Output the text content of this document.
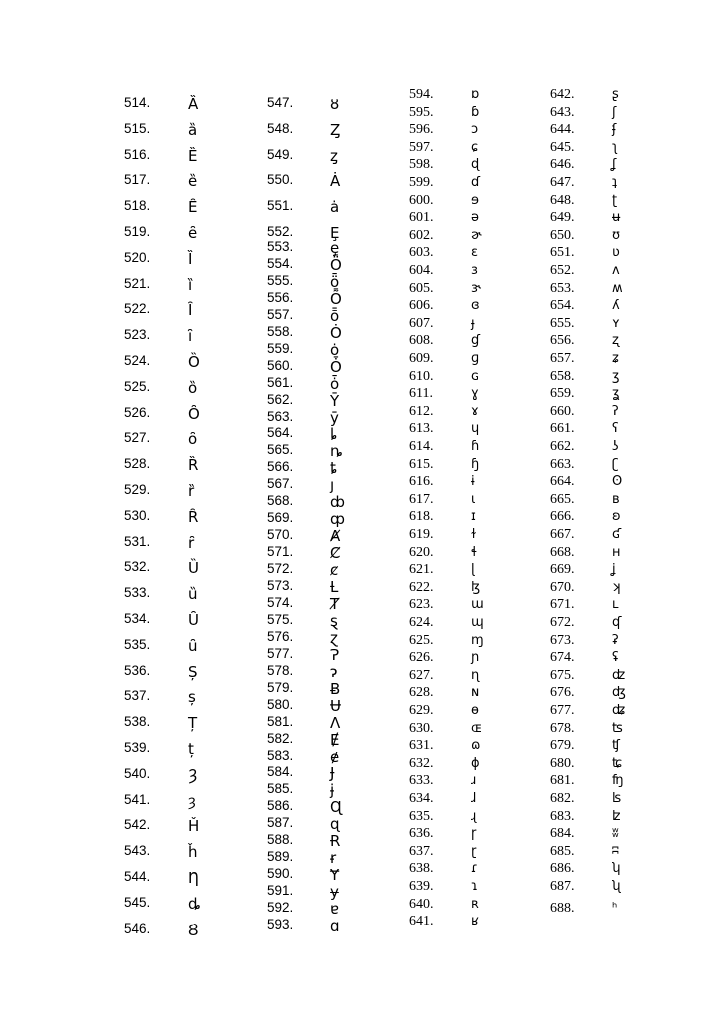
514.	Ȁ
515.	ȁ
516.	Ȅ
517.	ȅ
518.	Ȇ
519.	ȇ
520.	Ȉ
521.	ȉ
522.	Ȋ
523.	ȋ
524.	Ȍ
525.	ȍ
526.	Ȏ
527.	ȏ
528.	Ȑ
529.	ȑ
530.	Ȓ
531.	ȓ
532.	Ȕ
533.	ȕ
534.	Ȗ
535.	ȗ
536.	Ș
537.	ș
538.	Ț
539.	ț
540.	Ȝ
541.	ȝ
542.	Ȟ
543.	ȟ
544.	Ƞ
545.	ȡ
546.	Ȣ
547. ȣ
548. Ȥ
549. ȥ
550. Ȧ
551. ȧ
552. Ȩ
553. ȩ
554. Ȫ
555. ȫ
556. Ȭ
557. ȭ
558. Ȯ
559. ȯ
560. Ȱ
561. ȱ
562. Ȳ
563. ȳ
564. ȴ
565. ȵ
566. ȶ
567. ȷ
568. ȸ
569. ȹ
570. Ⱥ
571. Ȼ
572. ȼ
573. Ƚ
574. Ⱦ
575. ȿ
576. ɀ
577. Ɂ
578. ɂ
579. Ƀ
580. Ʉ
581. Ʌ
582. Ɇ
583. ɇ
584. Ɉ
585. ɉ
586. Ɋ
587. ɋ
588. Ɍ
589. ɍ
590. Ɏ
591. ɏ
592. ɐ
593. ɑ
594.	ɒ
595.	ɓ
596.	ɔ
597.	ɕ
598.	ɖ
599.	ɗ
600.	ɘ
601.	ə
602.	ɚ
603.	ɛ
604.	ɜ
605.	ɝ
606.	ɞ
607.	ɟ
608.	ɠ
609.	ɡ
610.	ɢ
611.	ɣ
612.	ɤ
613.	ɥ
614.	ɦ
615.	ɧ
616.	ɨ
617.	ɩ
618.	ɪ
619.	ɫ
620.	ɬ
621.	ɭ
622.	ɮ
623.	ɯ
624.	ɰ
625.	ɱ
626.	ɲ
627.	ɳ
628.	ɴ
629.	ɵ
630.	ɶ
631.	ɷ
632.	ɸ
633.	ɹ
634.	ɺ
635.	ɻ
636.	ɼ
637.	ɽ
638.	ɾ
639.	ɿ
640.	ʀ
641.	ʁ
642.	ʂ
643.	ʃ
644.	ʄ
645.	ʅ
646.	ʆ
647.	ʇ
648.	ʈ
649.	ʉ
650.	ʊ
651.	ʋ
652.	ʌ
653.	ʍ
654.	ʎ
655.	ʏ
656.	ʐ
657.	ʑ
658.	ʒ
659.	ʓ
660.	ʔ
661.	ʕ
662.	ʖ
663.	ʗ
664.	ʘ
665.	ʙ
666.	ʚ
667.	ʛ
668.	ʜ
669.	ʝ
670.	ʞ
671.	ʟ
672.	ʠ
673.	ʡ
674.	ʢ
675.	ʣ
676.	ʤ
677.	ʥ
678.	ʦ
679.	ʧ
680.	ʨ
681.	ʩ
682.	ʪ
683.	ʫ
684.	ʬ
685.	ʭ
686.	ʮ
687.	ʯ
688.	ʰ
